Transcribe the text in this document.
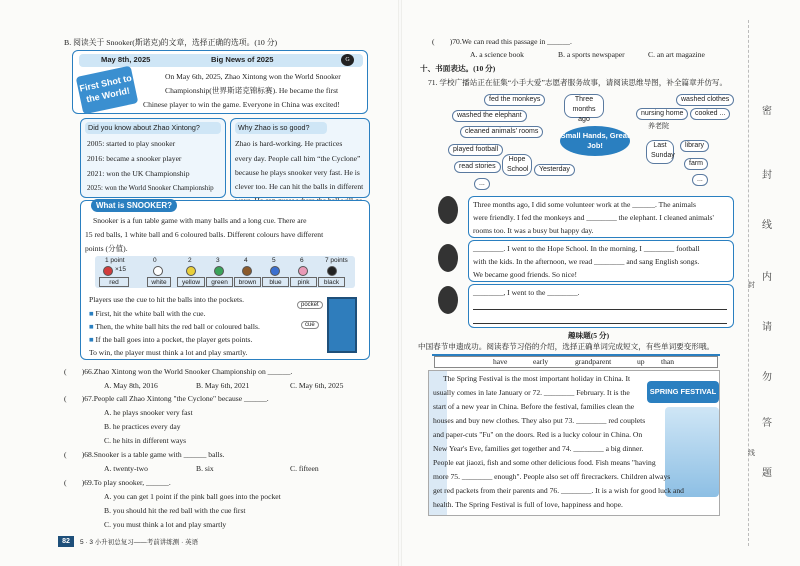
B. 阅读关于 Snooker(斯诺克)的文章，选择正确的选项。(10 分)
May 8th, 2025	Big News of 2025	G
First Shot to the World!
On May 6th, 2025, Zhao Xintong won the World Snooker
Championship(世界斯诺克锦标赛). He became the first
Chinese player to win the game. Everyone in China was excited!
Did you know about Zhao Xintong?
2005: started to play snooker
2016: became a snooker player
2021: won the UK Championship
2025: won the World Snooker Championship
Why Zhao is so good?
Zhao is hard-working. He practices
every day. People call him “the Cyclone”
because he plays snooker very fast. He is
clever too. He can hit the balls in different
What is SNOOKER?
Snooker is a fun table game with many balls and a long cue. There are
15 red balls, 1 white ball and 6 coloured balls. Different colours have different
points (分值).
1 point	0	2	3	4	5	6	7 points
×15
red	white	yellow	green	brown	blue	pink	black
Players use the cue to hit the balls into the pockets.
■ First, hit the white ball with the cue.
■ Then, the white ball hits the red ball or coloured balls.
■ If the ball goes into a pocket, the player gets points.
To win, the player must think a lot and play smartly.
pocket
cue
(　　)66.Zhao Xintong won the World Snooker Championship on ______.
A. May 8th, 2016	B. May 6th, 2021	C. May 6th, 2025
(　　)67.People call Zhao Xintong "the Cyclone" because ______.
A. he plays snooker very fast
B. he practices every day
C. he hits in different ways
(　　)68.Snooker is a table game with ______ balls.
A. twenty-two	B. six	C. fifteen
(　　)69.To play snooker, ______.
A. you can get 1 point if the pink ball goes into the pocket
B. you should hit the red ball with the cue first
C. you must think a lot and play smartly
82	5 · 3 小升初总复习——考前讲练测 · 英语
(　　)70.We can read this passage in ______.
A. a science book	B. a sports newspaper	C. an art magazine
十、书面表达。(10 分)
71. 学校广播站正在征集“小手大爱”志愿者服务故事，请阅读思维导图，补全篇章并仿写。
Small Hands, Great Job!
fed the monkeys
washed the elephant
cleaned animals' rooms
played football
read stories
...
Three months ago
Hope School	Yesterday
washed clothes
nursing home
养老院
cooked ...
Last Sunday
library
farm
...
Three months ago, I did some volunteer work at the ______. The animals
were friendly. I fed the monkeys and ________ the elephant. I cleaned animals'
rooms too. It was a busy but happy day.
________. I went to the Hope School. In the morning, I ________ football
with the kids. In the afternoon, we read ________ and sang English songs.
We became good friends. So nice!
________, I went to the ________.
趣味题(5 分)
中国春节申遗成功。阅读春节习俗的介绍，选择正确单词完成短文，有些单词要变形哦。
have	early	grandparent	up than
SPRING FESTIVAL
The Spring Festival is the most important holiday in China. It
usually comes in late January or 72. ________ February. It is the
start of a new year in China. Before the festival, families clean the
houses and buy new clothes. They also put 73. ________ red couplets
and paper-cuts "Fu" on the doors. Red is a lucky colour in China. On
New Year's Eve, families get together and 74. ________ a big dinner.
People eat jiaozi, fish and some other delicious food. Fish means "having
more 75. ________ enough". People also set off firecrackers. Children always
get red packets from their parents and 76. ________. It is a wish for good luck and
health. The Spring Festival is full of love, happiness and hope.
密
封
线
内
请
勿
答
题
封
线
